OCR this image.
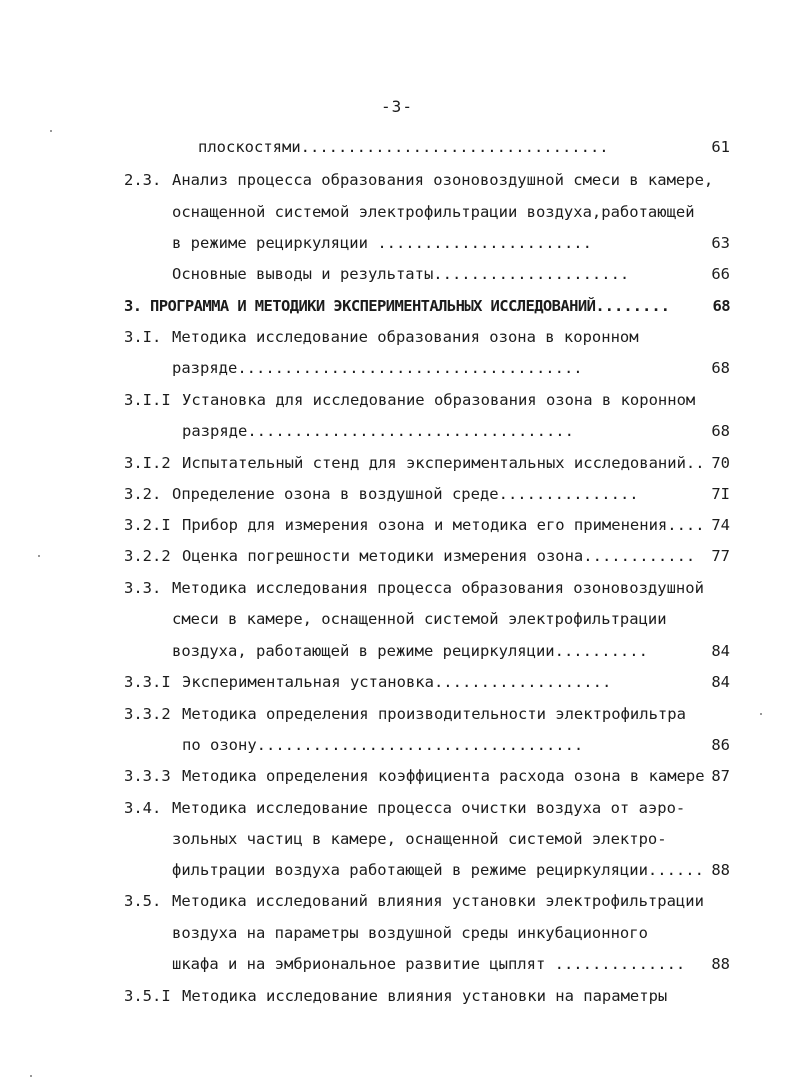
-3-
плоскостями.................................	61
2.3. Анализ процесса образования озоновоздушной смеси в камере,
оснащенной системой электрофильтрации воздуха,работающей
в режиме рециркуляции .......................	63
Основные выводы и результаты.....................	66
3. ПРОГРАММА И МЕТОДИКИ ЭКСПЕРИМЕНТАЛЬНЫХ ИССЛЕДОВАНИЙ........	68
3.I. Методика исследование образования озона в коронном
разряде.....................................	68
3.I.I Установка для исследование образования озона в коронном
разряде...................................	68
3.I.2 Испытательный стенд для экспериментальных исследований.. 70
3.2. Определение озона в воздушной среде...............	7I
3.2.I Прибор для измерения озона и методика его применения.... 74
3.2.2 Оценка погрешности методики измерения озона............ 77
3.3. Методика исследования процесса образования озоновоздушной
смеси в камере, оснащенной системой электрофильтрации
воздуха, работающей в режиме рециркуляции..........	84
3.3.I Экспериментальная установка...................	84
3.3.2 Методика определения производительности электрофильтра
по озону...................................	86
3.3.3 Методика определения коэффициента расхода озона в камере 87
3.4. Методика исследование процесса очистки воздуха от аэро-
зольных частиц в камере, оснащенной системой электро-
фильтрации воздуха работающей в режиме рециркуляции...... 88
3.5. Методика исследований влияния установки электрофильтрации
воздуха на параметры воздушной среды инкубационного
шкафа и на эмбриональное развитие цыплят .............. 88
3.5.I Методика исследование влияния установки на параметры
